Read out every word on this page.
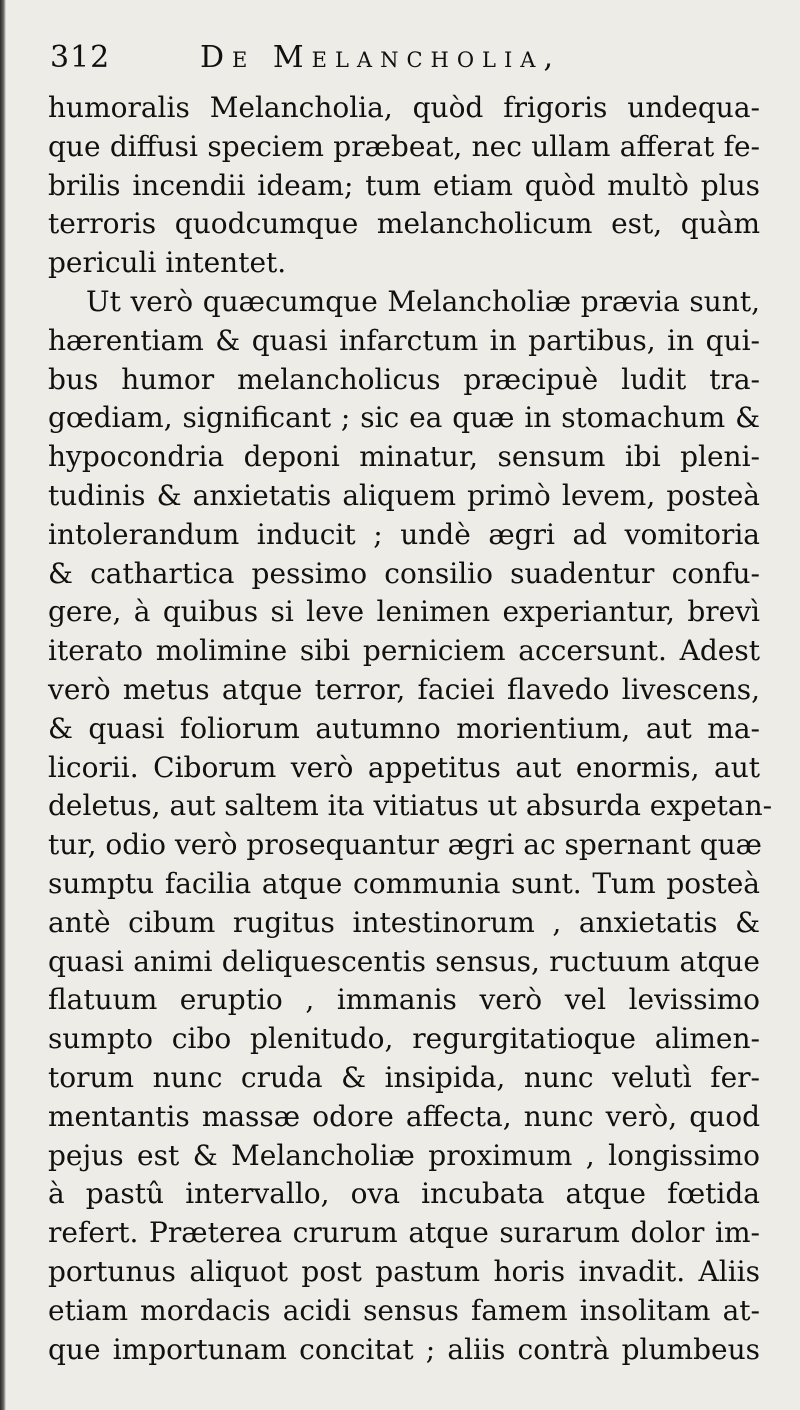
312	De Melancholia,
humoralis Melancholia, quòd frigoris undequa-
que diffusi speciem præbeat, nec ullam afferat fe-
brilis incendii ideam; tum etiam quòd multò plus
terroris quodcumque melancholicum est, quàm
periculi intentet.
Ut verò quæcumque Melancholiæ prævia sunt,
hærentiam & quasi infarctum in partibus, in qui-
bus humor melancholicus præcipuè ludit tra-
gœdiam, significant ; sic ea quæ in stomachum &
hypocondria deponi minatur, sensum ibi pleni-
tudinis & anxietatis aliquem primò levem, posteà
intolerandum inducit ; undè ægri ad vomitoria
& cathartica pessimo consilio suadentur confu-
gere, à quibus si leve lenimen experiantur, brevì
iterato molimine sibi perniciem accersunt. Adest
verò metus atque terror, faciei flavedo livescens,
& quasi foliorum autumno morientium, aut ma-
licorii. Ciborum verò appetitus aut enormis, aut
deletus, aut saltem ita vitiatus ut absurda expetan-
tur, odio verò prosequantur ægri ac spernant quæ
sumptu facilia atque communia sunt. Tum posteà
antè cibum rugitus intestinorum , anxietatis &
quasi animi deliquescentis sensus, ructuum atque
flatuum eruptio , immanis verò vel levissimo
sumpto cibo plenitudo, regurgitatioque alimen-
torum nunc cruda & insipida, nunc velutì fer-
mentantis massæ odore affecta, nunc verò, quod
pejus est & Melancholiæ proximum , longissimo
à pastû intervallo, ova incubata atque fœtida
refert. Præterea crurum atque surarum dolor im-
portunus aliquot post pastum horis invadit. Aliis
etiam mordacis acidi sensus famem insolitam at-
que importunam concitat ; aliis contrà plumbeus
